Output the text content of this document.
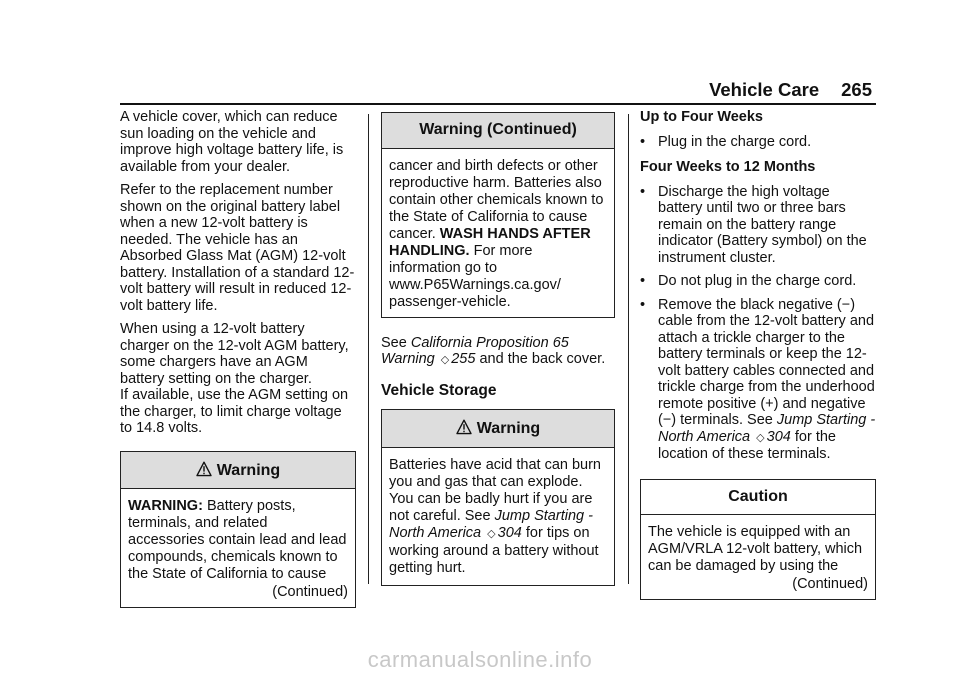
Vehicle Care 265

A vehicle cover, which can reduce sun loading on the vehicle and improve high voltage battery life, is available from your dealer.

Refer to the replacement number shown on the original battery label when a new 12-volt battery is needed. The vehicle has an Absorbed Glass Mat (AGM) 12-volt battery. Installation of a standard 12-volt battery will result in reduced 12-volt battery life.

When using a 12-volt battery charger on the 12-volt AGM battery, some chargers have an AGM battery setting on the charger.

If available, use the AGM setting on the charger, to limit charge voltage to 14.8 volts.

Warning
WARNING: Battery posts, terminals, and related accessories contain lead and lead compounds, chemicals known to the State of California to cause
(Continued)
Warning (Continued)
cancer and birth defects or other reproductive harm. Batteries also contain other chemicals known to the State of California to cause cancer. WASH HANDS AFTER HANDLING. For more information go to www.P65Warnings.ca.gov/ passenger-vehicle.

See California Proposition 65 Warning ◇ 255 and the back cover.

Vehicle Storage
Warning
Batteries have acid that can burn you and gas that can explode. You can be badly hurt if you are not careful. See Jump Starting - North America ◇ 304 for tips on working around a battery without getting hurt.
Up to Four Weeks
• Plug in the charge cord.
Four Weeks to 12 Months
• Discharge the high voltage battery until two or three bars remain on the battery range indicator (Battery symbol) on the instrument cluster.
• Do not plug in the charge cord.
• Remove the black negative (−) cable from the 12-volt battery and attach a trickle charger to the battery terminals or keep the 12-volt battery cables connected and trickle charge from the underhood remote positive (+) and negative (−) terminals. See Jump Starting - North America ◇ 304 for the location of these terminals.
Caution
The vehicle is equipped with an AGM/VRLA 12-volt battery, which can be damaged by using the
(Continued)
carmanualsonline.info
